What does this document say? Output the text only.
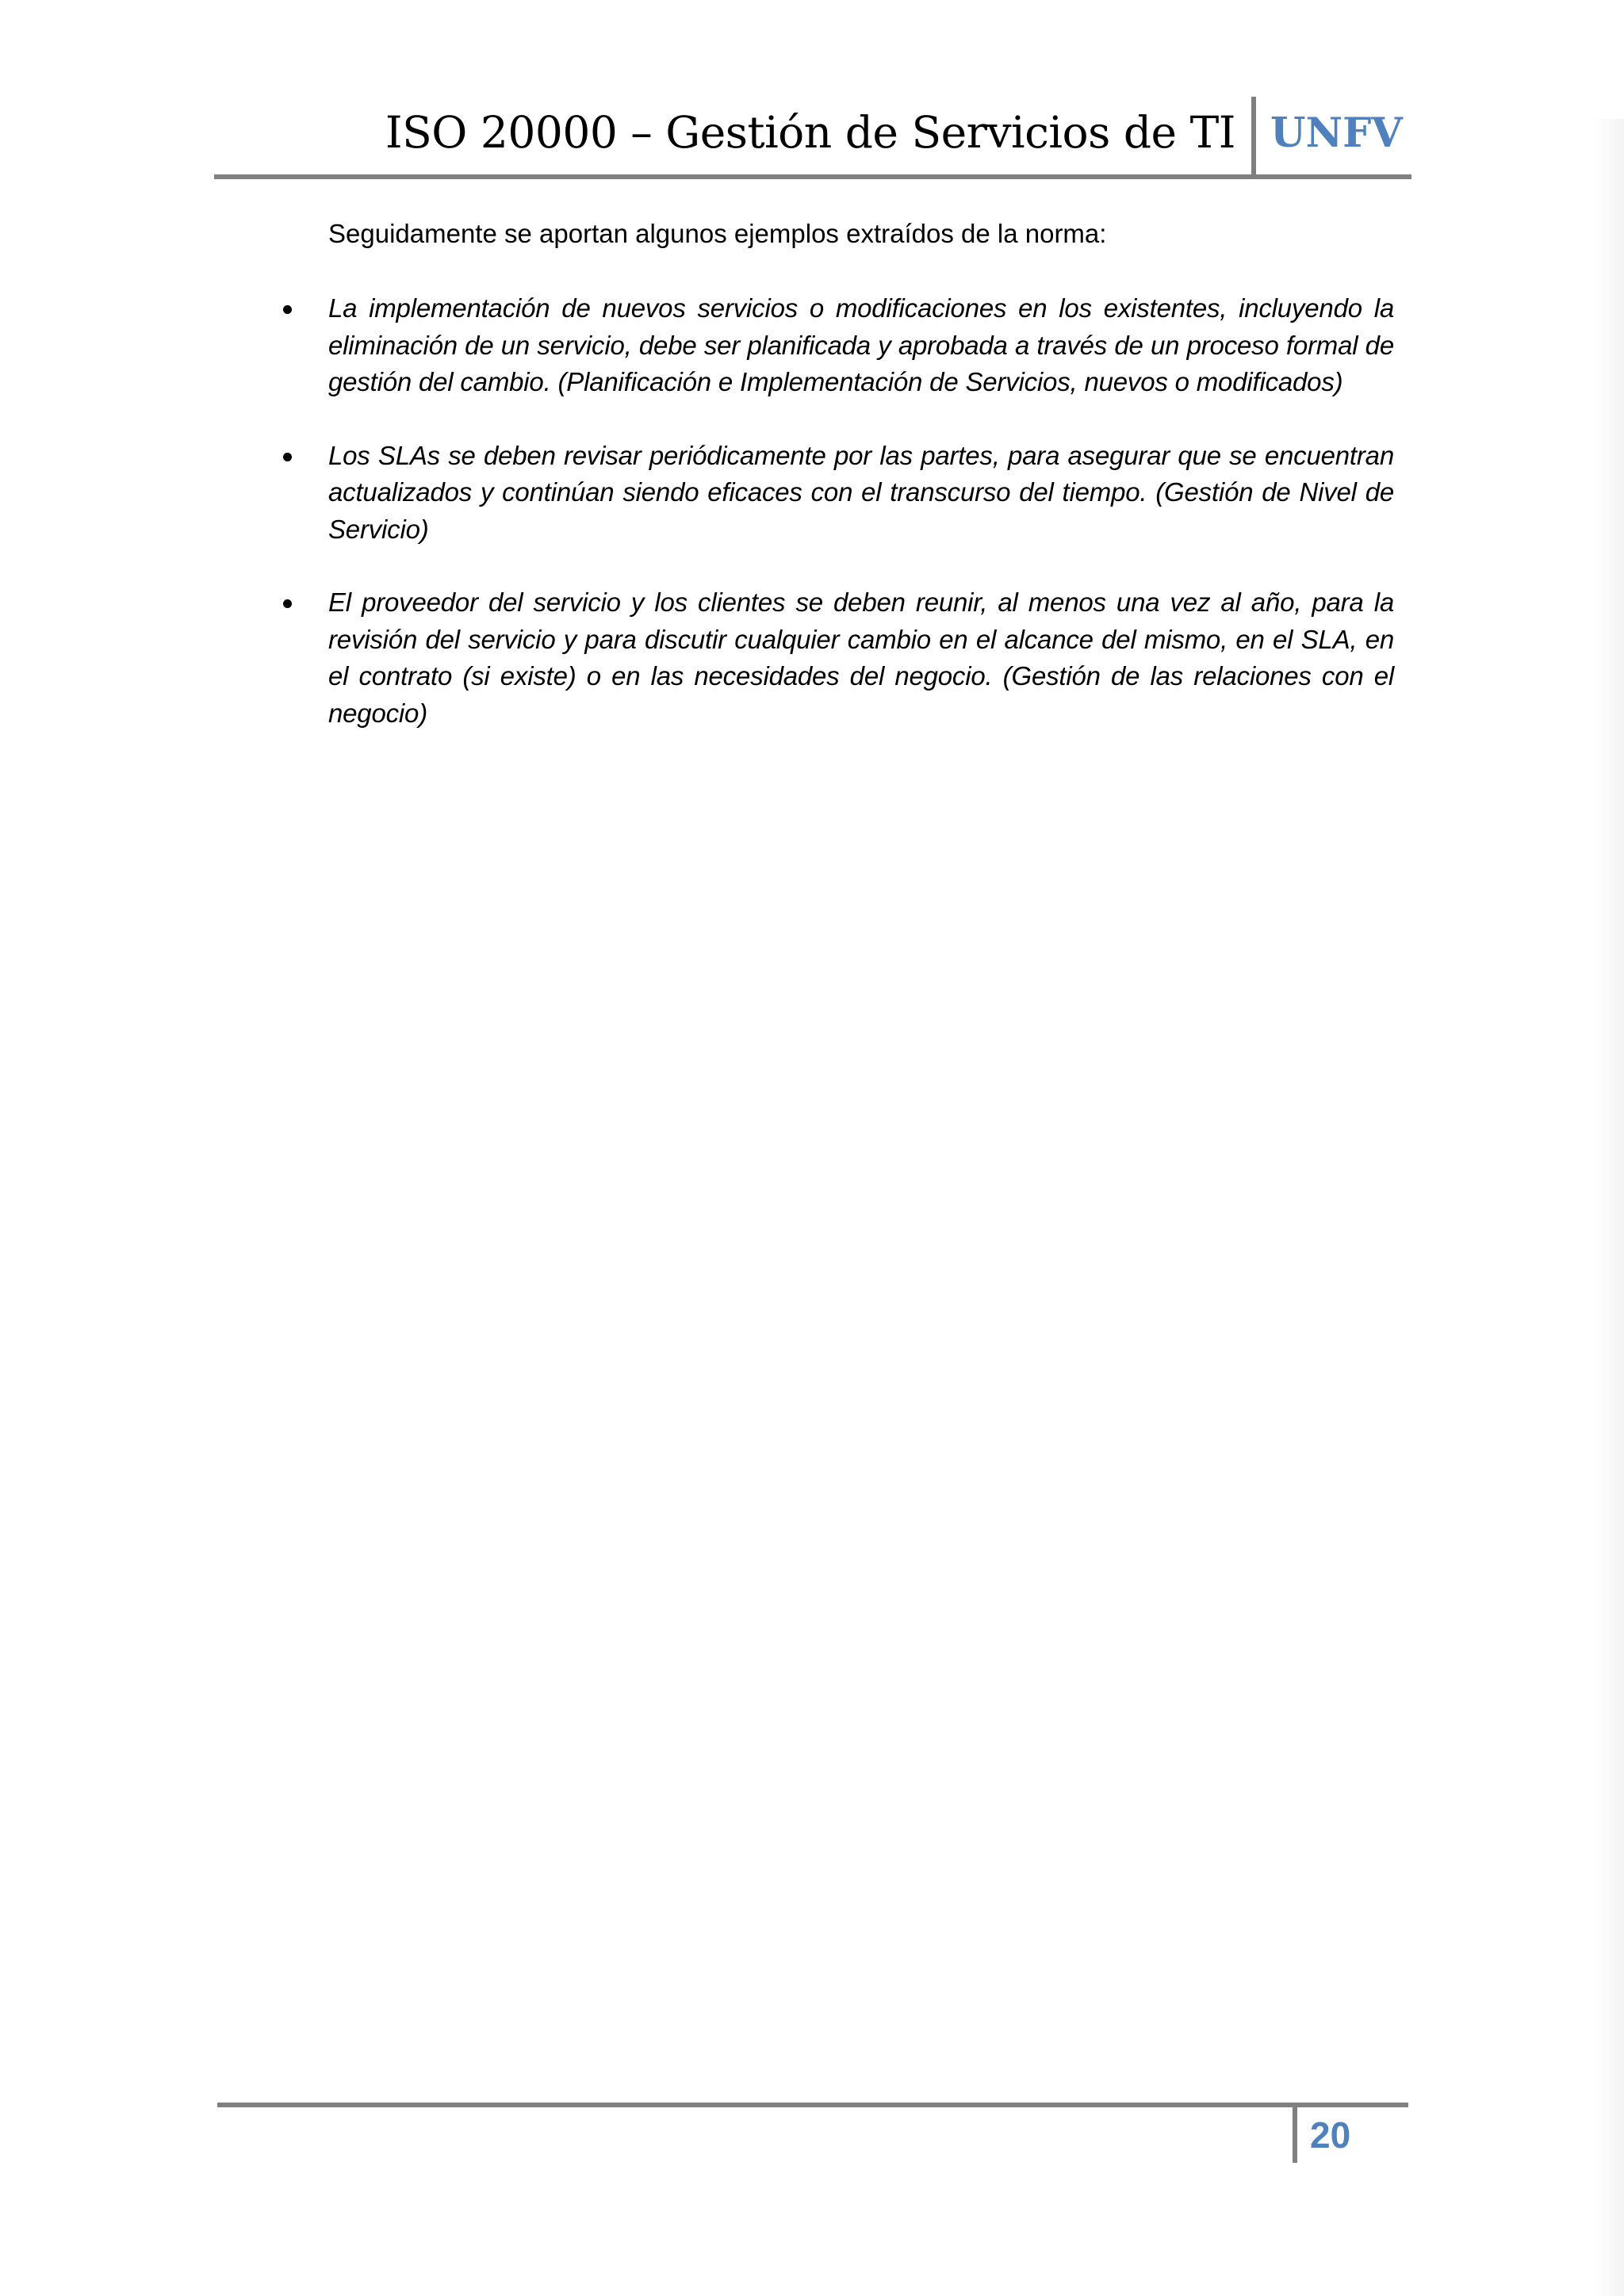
ISO 20000 – Gestión de Servicios de TI UNFV

Seguidamente se aportan algunos ejemplos extraídos de la norma:

La implementación de nuevos servicios o modificaciones en los existentes, incluyendo la eliminación de un servicio, debe ser planificada y aprobada a través de un proceso formal de gestión del cambio. (Planificación e Implementación de Servicios, nuevos o modificados)
Los SLAs se deben revisar periódicamente por las partes, para asegurar que se encuentran actualizados y continúan siendo eficaces con el transcurso del tiempo. (Gestión de Nivel de Servicio)
El proveedor del servicio y los clientes se deben reunir, al menos una vez al año, para la revisión del servicio y para discutir cualquier cambio en el alcance del mismo, en el SLA, en el contrato (si existe) o en las necesidades del negocio. (Gestión de las relaciones con el negocio)
20
